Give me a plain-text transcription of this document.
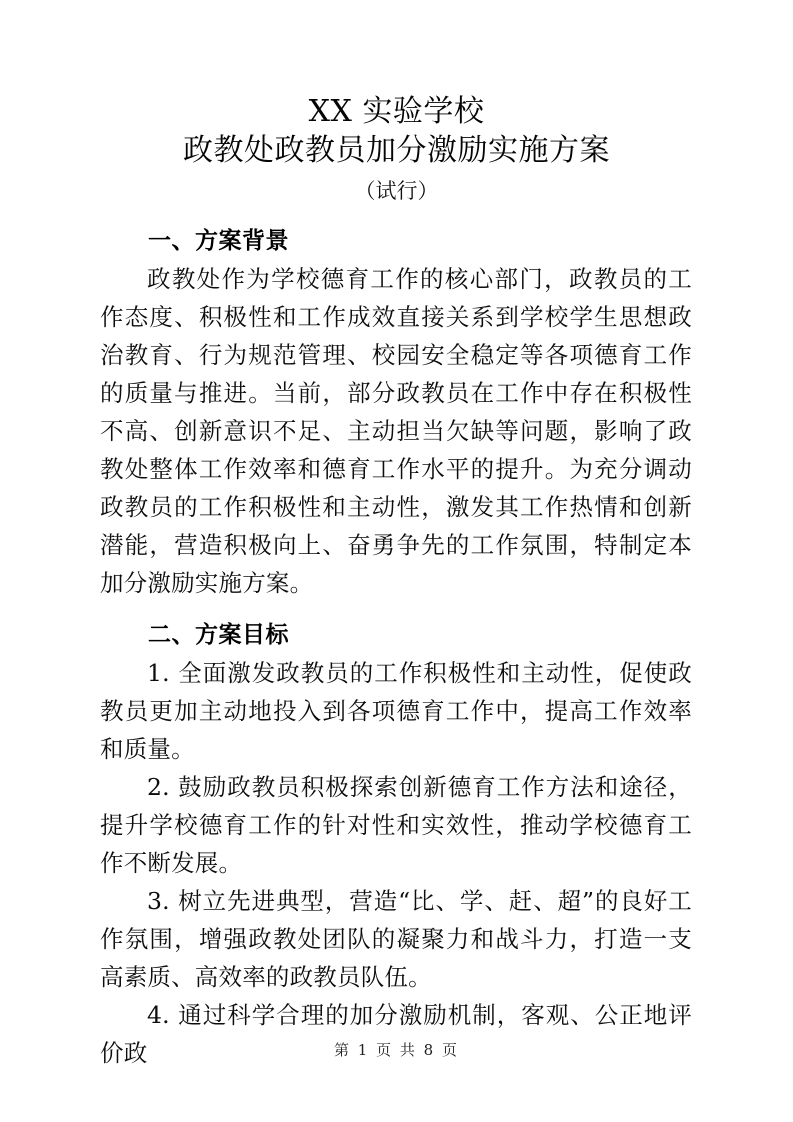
XX 实验学校
政教处政教员加分激励实施方案
（试行）
一、方案背景

政教处作为学校德育工作的核心部门，政教员的工作态度、积极性和工作成效直接关系到学校学生思想政治教育、行为规范管理、校园安全稳定等各项德育工作的质量与推进。当前，部分政教员在工作中存在积极性不高、创新意识不足、主动担当欠缺等问题，影响了政教处整体工作效率和德育工作水平的提升。为充分调动政教员的工作积极性和主动性，激发其工作热情和创新潜能，营造积极向上、奋勇争先的工作氛围，特制定本加分激励实施方案。

二、方案目标

1. 全面激发政教员的工作积极性和主动性，促使政教员更加主动地投入到各项德育工作中，提高工作效率和质量。

2. 鼓励政教员积极探索创新德育工作方法和途径，提升学校德育工作的针对性和实效性，推动学校德育工作不断发展。

3. 树立先进典型，营造“比、学、赶、超”的良好工作氛围，增强政教处团队的凝聚力和战斗力，打造一支高素质、高效率的政教员队伍。

4. 通过科学合理的加分激励机制，客观、公正地评价政	第 1 页 共 8 页
